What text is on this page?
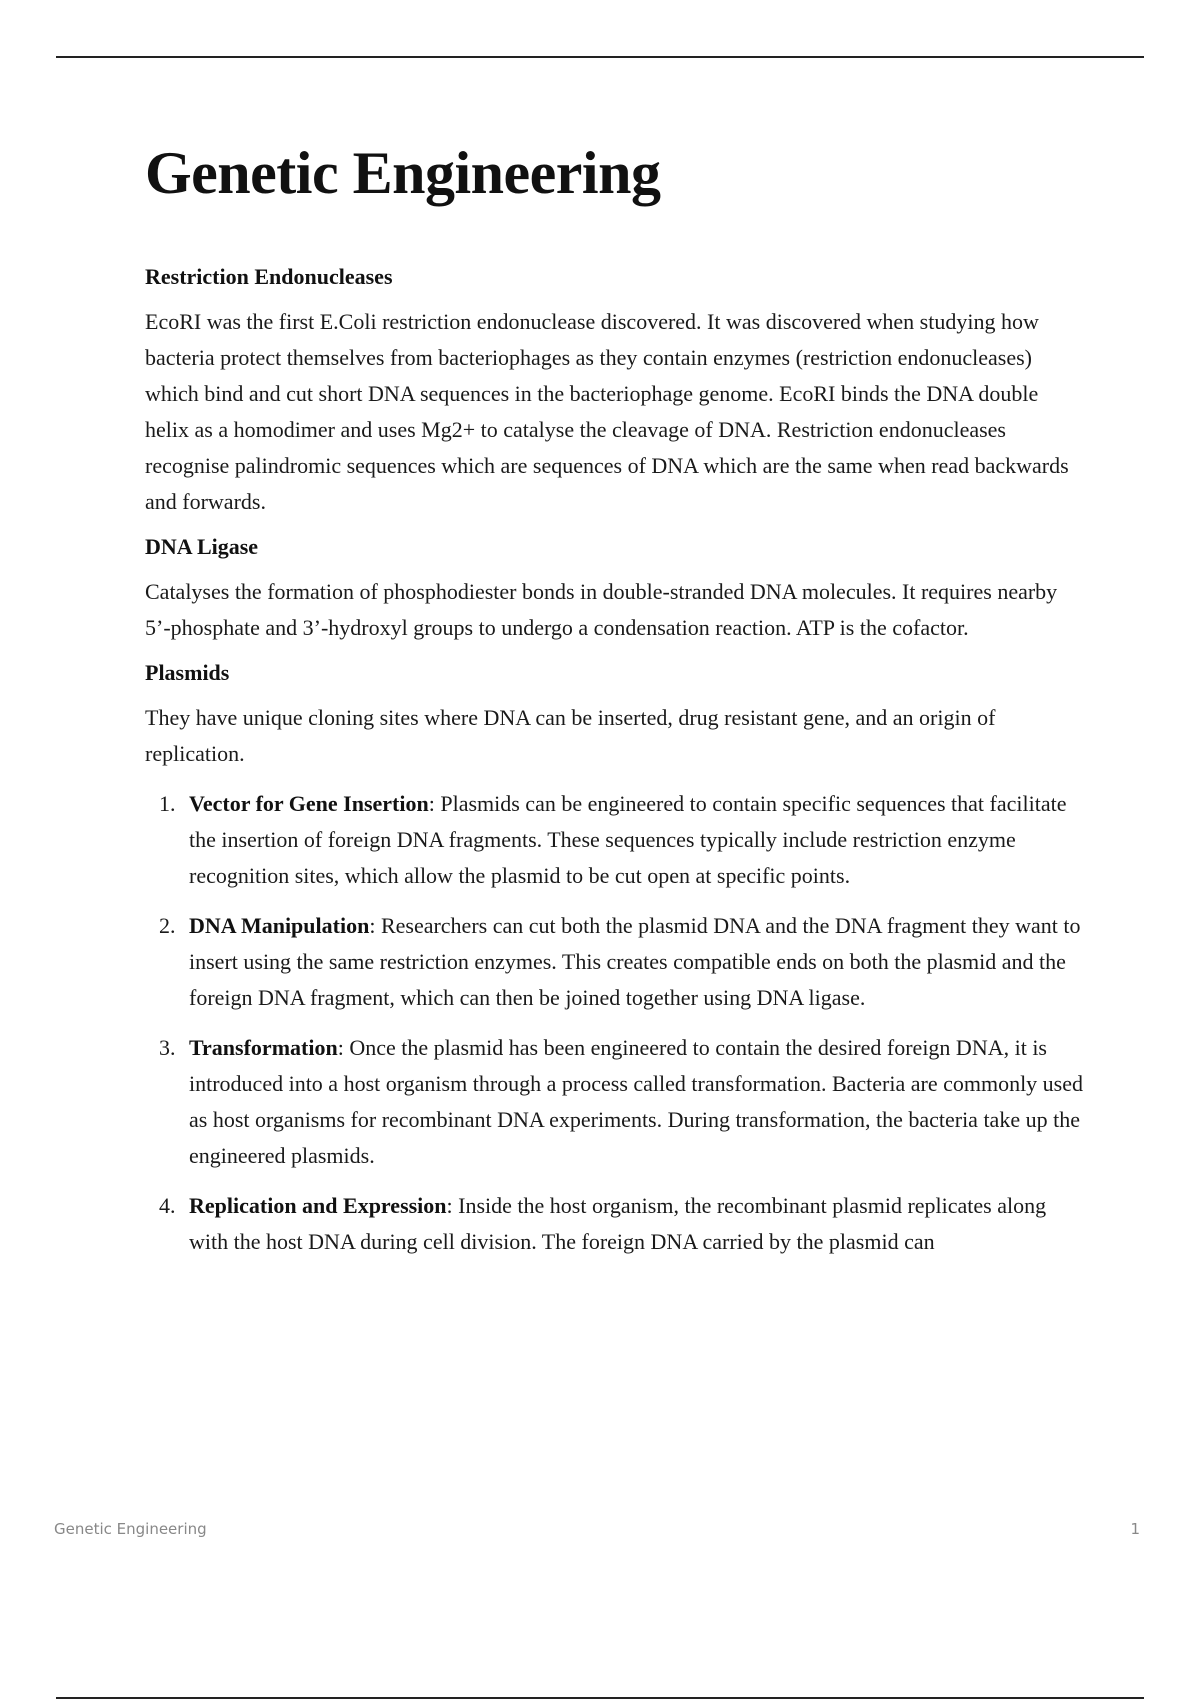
Genetic Engineering
Restriction Endonucleases

EcoRI was the first E.Coli restriction endonuclease discovered. It was discovered when studying how bacteria protect themselves from bacteriophages as they contain enzymes (restriction endonucleases) which bind and cut short DNA sequences in the bacteriophage genome. EcoRI binds the DNA double helix as a homodimer and uses Mg2+ to catalyse the cleavage of DNA. Restriction endonucleases recognise palindromic sequences which are sequences of DNA which are the same when read backwards and forwards.

DNA Ligase

Catalyses the formation of phosphodiester bonds in double-stranded DNA molecules. It requires nearby 5’-phosphate and 3’-hydroxyl groups to undergo a condensation reaction. ATP is the cofactor.

Plasmids

They have unique cloning sites where DNA can be inserted, drug resistant gene, and an origin of replication.

1. Vector for Gene Insertion: Plasmids can be engineered to contain specific sequences that facilitate the insertion of foreign DNA fragments. These sequences typically include restriction enzyme recognition sites, which allow the plasmid to be cut open at specific points.
2. DNA Manipulation: Researchers can cut both the plasmid DNA and the DNA fragment they want to insert using the same restriction enzymes. This creates compatible ends on both the plasmid and the foreign DNA fragment, which can then be joined together using DNA ligase.
3. Transformation: Once the plasmid has been engineered to contain the desired foreign DNA, it is introduced into a host organism through a process called transformation. Bacteria are commonly used as host organisms for recombinant DNA experiments. During transformation, the bacteria take up the engineered plasmids.
4. Replication and Expression: Inside the host organism, the recombinant plasmid replicates along with the host DNA during cell division. The foreign DNA carried by the plasmid can
Genetic Engineering	1
